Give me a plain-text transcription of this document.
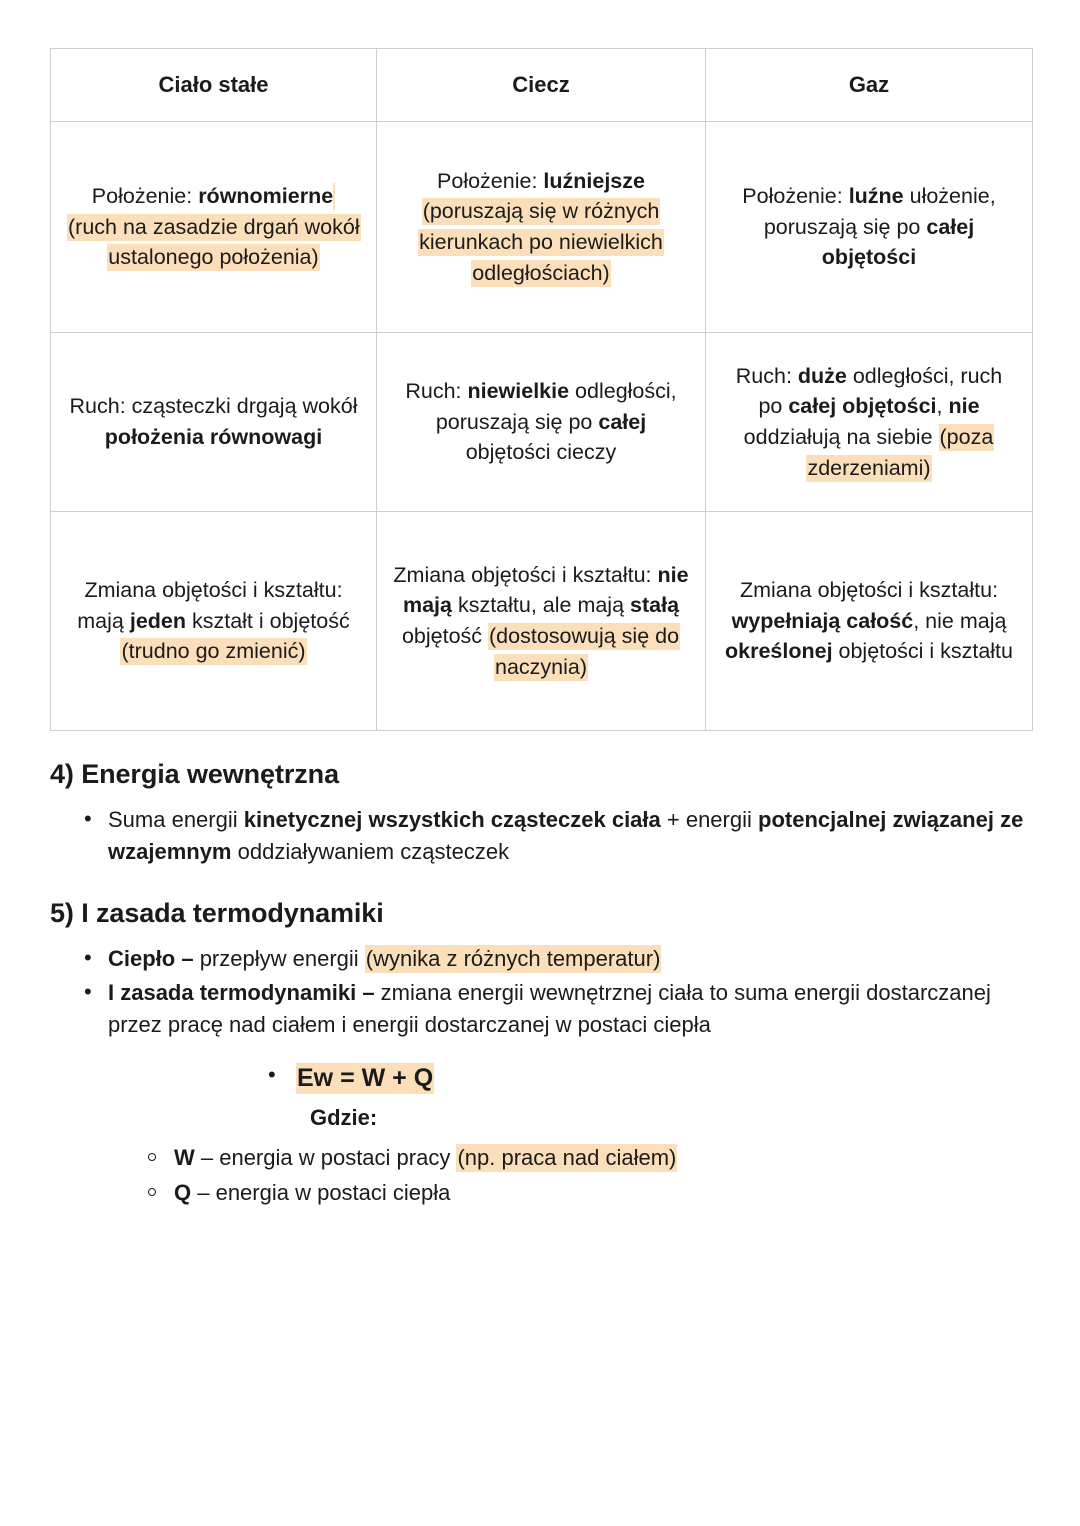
Ciało stałe	Ciecz	Gaz
Położenie: równomierne (ruch na zasadzie drgań wokół ustalonego położenia)	Położenie: luźniejsze (poruszają się w różnych kierunkach po niewielkich odległościach)	Położenie: luźne ułożenie, poruszają się po całej objętości
Ruch: cząsteczki drgają wokół położenia równowagi	Ruch: niewielkie odległości, poruszają się po całej objętości cieczy	Ruch: duże odległości, ruch po całej objętości, nie oddziałują na siebie (poza zderzeniami)
Zmiana objętości i kształtu: mają jeden kształt i objętość (trudno go zmienić)	Zmiana objętości i kształtu: nie mają kształtu, ale mają stałą objętość (dostosowują się do naczynia)	Zmiana objętości i kształtu: wypełniają całość, nie mają określonej objętości i kształtu
4) Energia wewnętrzna
• Suma energii kinetycznej wszystkich cząsteczek ciała + energii potencjalnej związanej ze wzajemnym oddziaływaniem cząsteczek
5) I zasada termodynamiki
• Ciepło – przepływ energii (wynika z różnych temperatur)
• I zasada termodynamiki – zmiana energii wewnętrznej ciała to suma energii dostarczanej przez pracę nad ciałem i energii dostarczanej w postaci ciepła
• Ew = W + Q
Gdzie:
W – energia w postaci pracy (np. praca nad ciałem)
Q – energia w postaci ciepła
